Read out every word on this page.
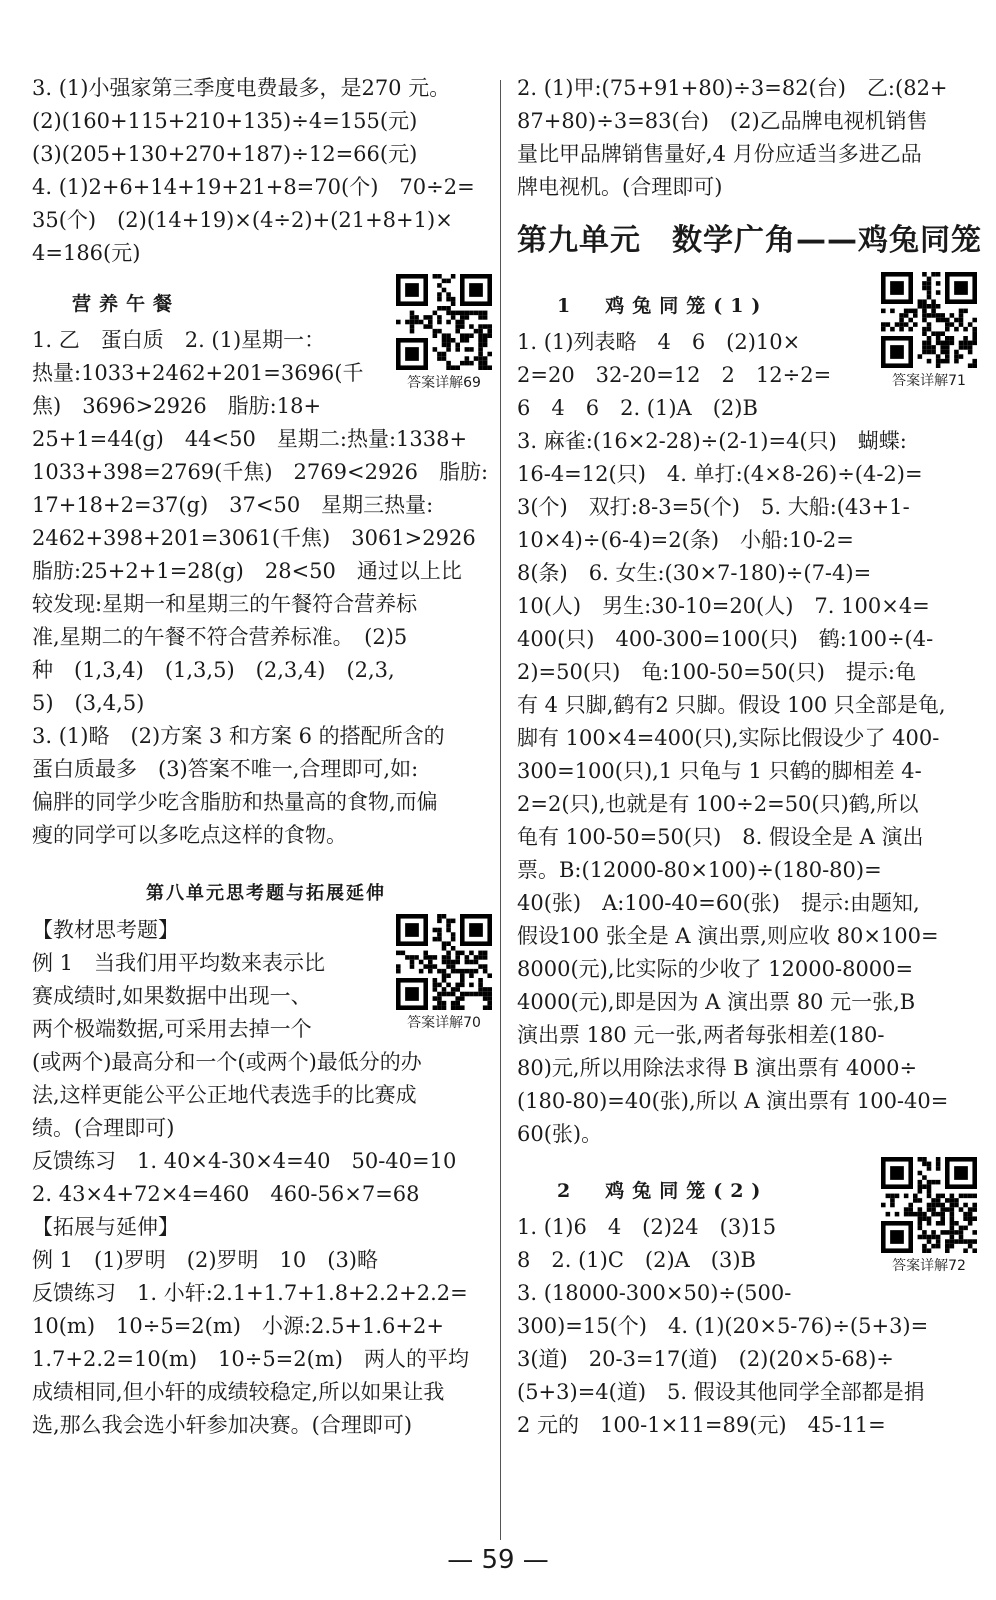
3. (1)小强家第三季度电费最多，是270 元。
(2)(160+115+210+135)÷4=155(元)
(3)(205+130+270+187)÷12=66(元)
4. (1)2+6+14+19+21+8=70(个)　70÷2=
35(个)　(2)(14+19)×(4÷2)+(21+8+1)×
4=186(元)
营养午餐
答案详解69
1. 乙　蛋白质　2. (1)星期一：
热量:1033+2462+201=3696(千
焦)　3696>2926　脂肪:18+
25+1=44(g)　44<50　星期二:热量:1338+
1033+398=2769(千焦)　2769<2926　脂肪:
17+18+2=37(g)　37<50　星期三热量:
2462+398+201=3061(千焦)　3061>2926
脂肪:25+2+1=28(g)　28<50　通过以上比
较发现:星期一和星期三的午餐符合营养标
准,星期二的午餐不符合营养标准。　(2)5
种　(1,3,4)　(1,3,5)　(2,3,4)　(2,3,
5)　(3,4,5)
3. (1)略　(2)方案 3 和方案 6 的搭配所含的
蛋白质最多　(3)答案不唯一,合理即可,如:
偏胖的同学少吃含脂肪和热量高的食物,而偏
瘦的同学可以多吃点这样的食物。
第八单元思考题与拓展延伸
答案详解70
【教材思考题】
例 1　当我们用平均数来表示比
赛成绩时,如果数据中出现一、
两个极端数据,可采用去掉一个
(或两个)最高分和一个(或两个)最低分的办
法,这样更能公平公正地代表选手的比赛成
绩。(合理即可)
反馈练习　1. 40×4-30×4=40　50-40=10
2. 43×4+72×4=460　460-56×7=68
【拓展与延伸】
例 1　(1)罗明　(2)罗明　10　(3)略
反馈练习　1. 小轩:2.1+1.7+1.8+2.2+2.2=
10(m)　10÷5=2(m)　小源:2.5+1.6+2+
1.7+2.2=10(m)　10÷5=2(m)　两人的平均
成绩相同,但小轩的成绩较稳定,所以如果让我
选,那么我会选小轩参加决赛。(合理即可)
2. (1)甲:(75+91+80)÷3=82(台)　乙:(82+
87+80)÷3=83(台)　(2)乙品牌电视机销售
量比甲品牌销售量好,4 月份应适当多进乙品
牌电视机。(合理即可)
第九单元　数学广角——鸡兔同笼
1　鸡兔同笼(1)
答案详解71
1. (1)列表略　4　6　(2)10×
2=20　32-20=12　2　12÷2=
6　4　6　2. (1)A　(2)B
3. 麻雀:(16×2-28)÷(2-1)=4(只)　蝴蝶:
16-4=12(只)　4. 单打:(4×8-26)÷(4-2)=
3(个)　双打:8-3=5(个)　5. 大船:(43+1-
10×4)÷(6-4)=2(条)　小船:10-2=
8(条)　6. 女生:(30×7-180)÷(7-4)=
10(人)　男生:30-10=20(人)　7. 100×4=
400(只)　400-300=100(只)　鹤:100÷(4-
2)=50(只)　龟:100-50=50(只)　提示:龟
有 4 只脚,鹤有2 只脚。假设 100 只全部是龟,
脚有 100×4=400(只),实际比假设少了 400-
300=100(只),1 只龟与 1 只鹤的脚相差 4-
2=2(只),也就是有 100÷2=50(只)鹤,所以
龟有 100-50=50(只)　8. 假设全是 A 演出
票。B:(12000-80×100)÷(180-80)=
40(张)　A:100-40=60(张)　提示:由题知,
假设100 张全是 A 演出票,则应收 80×100=
8000(元),比实际的少收了 12000-8000=
4000(元),即是因为 A 演出票 80 元一张,B
演出票 180 元一张,两者每张相差(180-
80)元,所以用除法求得 B 演出票有 4000÷
(180-80)=40(张),所以 A 演出票有 100-40=
60(张)。
2　鸡兔同笼(2)
答案详解72
1. (1)6　4　(2)24　(3)15
8　2. (1)C　(2)A　(3)B
3. (18000-300×50)÷(500-
300)=15(个)　4. (1)(20×5-76)÷(5+3)=
3(道)　20-3=17(道)　(2)(20×5-68)÷
(5+3)=4(道)　5. 假设其他同学全部都是捐
2 元的　100-1×11=89(元)　45-11=
— 59 —
